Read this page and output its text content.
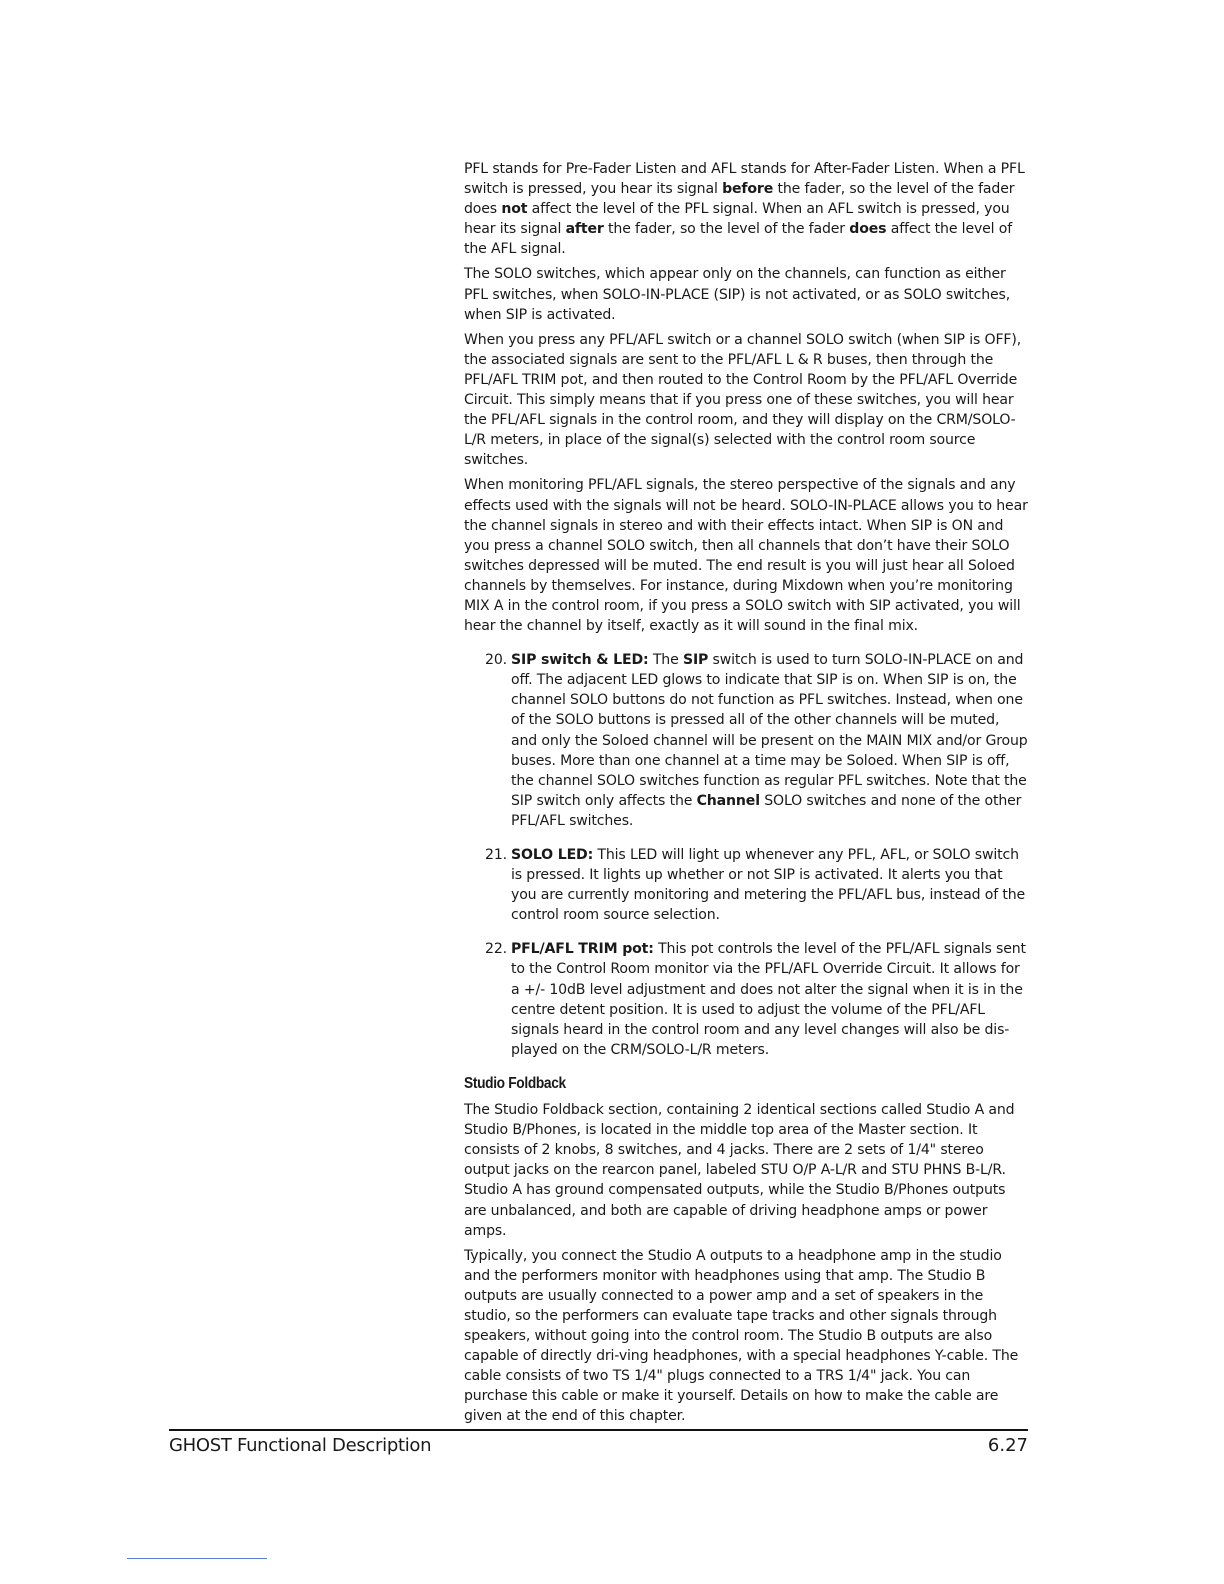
PFL stands for Pre-Fader Listen and AFL stands for After-Fader Listen. When a PFL switch is pressed, you hear its signal before the fader, so the level of the fader does not affect the level of the PFL signal. When an AFL switch is pressed, you hear its signal after the fader, so the level of the fader does affect the level of the AFL signal.

The SOLO switches, which appear only on the channels, can function as either PFL switches, when SOLO-IN-PLACE (SIP) is not activated, or as SOLO switches, when SIP is activated.

When you press any PFL/AFL switch or a channel SOLO switch (when SIP is OFF), the associated signals are sent to the PFL/AFL L & R buses, then through the PFL/AFL TRIM pot, and then routed to the Control Room by the PFL/AFL Override Circuit. This simply means that if you press one of these switches, you will hear the PFL/AFL signals in the control room, and they will display on the CRM/SOLO-L/R meters, in place of the signal(s) selected with the control room source switches.

When monitoring PFL/AFL signals, the stereo perspective of the signals and any effects used with the signals will not be heard. SOLO-IN-PLACE allows you to hear the channel signals in stereo and with their effects intact. When SIP is ON and you press a channel SOLO switch, then all channels that don’t have their SOLO switches depressed will be muted. The end result is you will just hear all Soloed channels by themselves. For instance, during Mixdown when you’re monitoring MIX A in the control room, if you press a SOLO switch with SIP activated, you will hear the channel by itself, exactly as it will sound in the final mix.

20. SIP switch & LED: The SIP switch is used to turn SOLO-IN-PLACE on and off. The adjacent LED glows to indicate that SIP is on. When SIP is on, the channel SOLO buttons do not function as PFL switches. Instead, when one of the SOLO buttons is pressed all of the other channels will be muted, and only the Soloed channel will be present on the MAIN MIX and/or Group buses. More than one channel at a time may be Soloed. When SIP is off, the channel SOLO switches function as regular PFL switches. Note that the SIP switch only affects the Channel SOLO switches and none of the other PFL/AFL switches.
21. SOLO LED: This LED will light up whenever any PFL, AFL, or SOLO switch is pressed. It lights up whether or not SIP is activated. It alerts you that you are currently monitoring and metering the PFL/AFL bus, instead of the control room source selection.
22. PFL/AFL TRIM pot: This pot controls the level of the PFL/AFL signals sent to the Control Room monitor via the PFL/AFL Override Circuit. It allows for a +/- 10dB level adjustment and does not alter the signal when it is in the centre detent position. It is used to adjust the volume of the PFL/AFL signals heard in the control room and any level changes will also be dis-played on the CRM/SOLO-L/R meters.
Studio Foldback

The Studio Foldback section, containing 2 identical sections called Studio A and Studio B/Phones, is located in the middle top area of the Master section. It consists of 2 knobs, 8 switches, and 4 jacks. There are 2 sets of 1/4" stereo output jacks on the rearcon panel, labeled STU O/P A-L/R and STU PHNS B-L/R. Studio A has ground compensated outputs, while the Studio B/Phones outputs are unbalanced, and both are capable of driving headphone amps or power amps.

Typically, you connect the Studio A outputs to a headphone amp in the studio and the performers monitor with headphones using that amp. The Studio B outputs are usually connected to a power amp and a set of speakers in the studio, so the performers can evaluate tape tracks and other signals through speakers, without going into the control room. The Studio B outputs are also capable of directly dri-ving headphones, with a special headphones Y-cable. The cable consists of two TS 1/4" plugs connected to a TRS 1/4" jack. You can purchase this cable or make it yourself. Details on how to make the cable are given at the end of this chapter.

GHOST Functional Description	6.27
